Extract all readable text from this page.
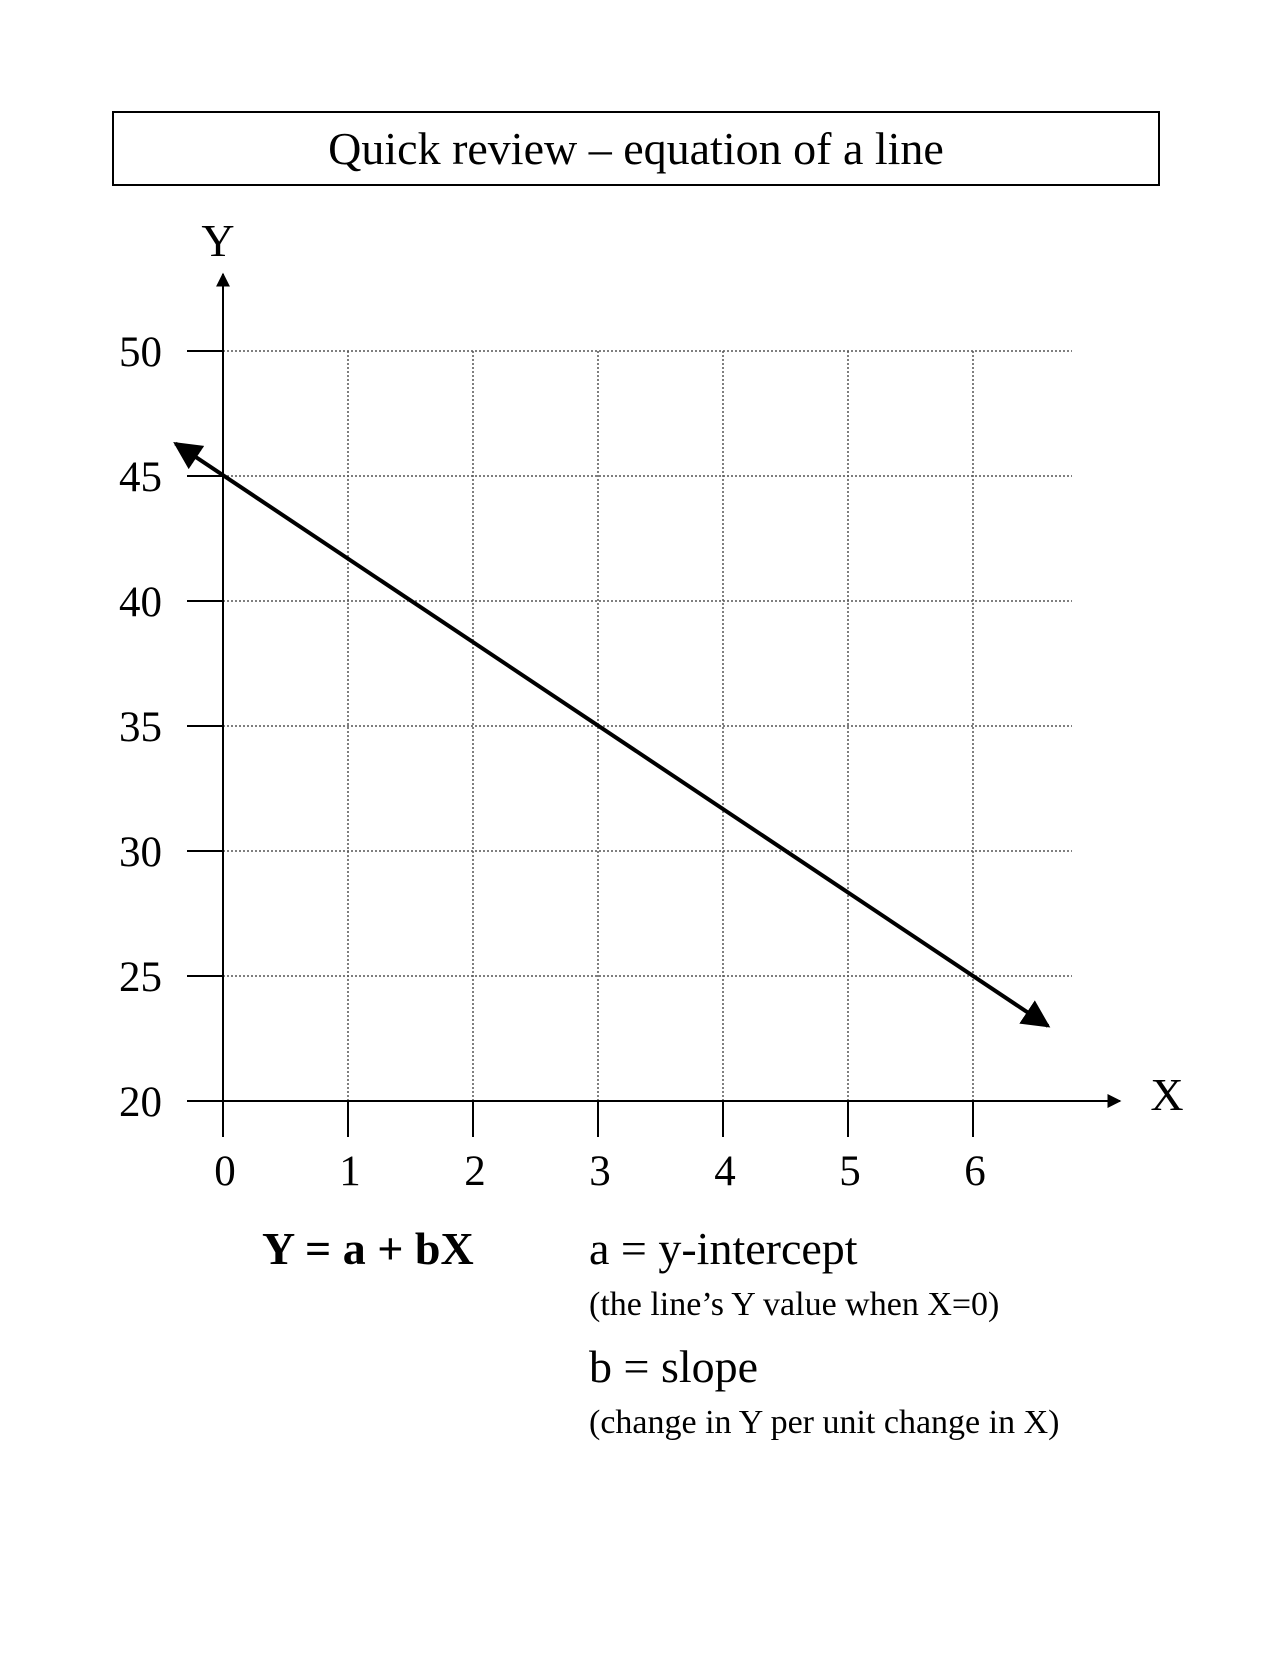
Quick review – equation of a line
20
25
30
35
40
45
50
0 1 2 3 4 5 6
Y
X
Y = a + bX	a = y-intercept
(the line’s Y value when X=0)
b = slope
(change in Y per unit change in X)
